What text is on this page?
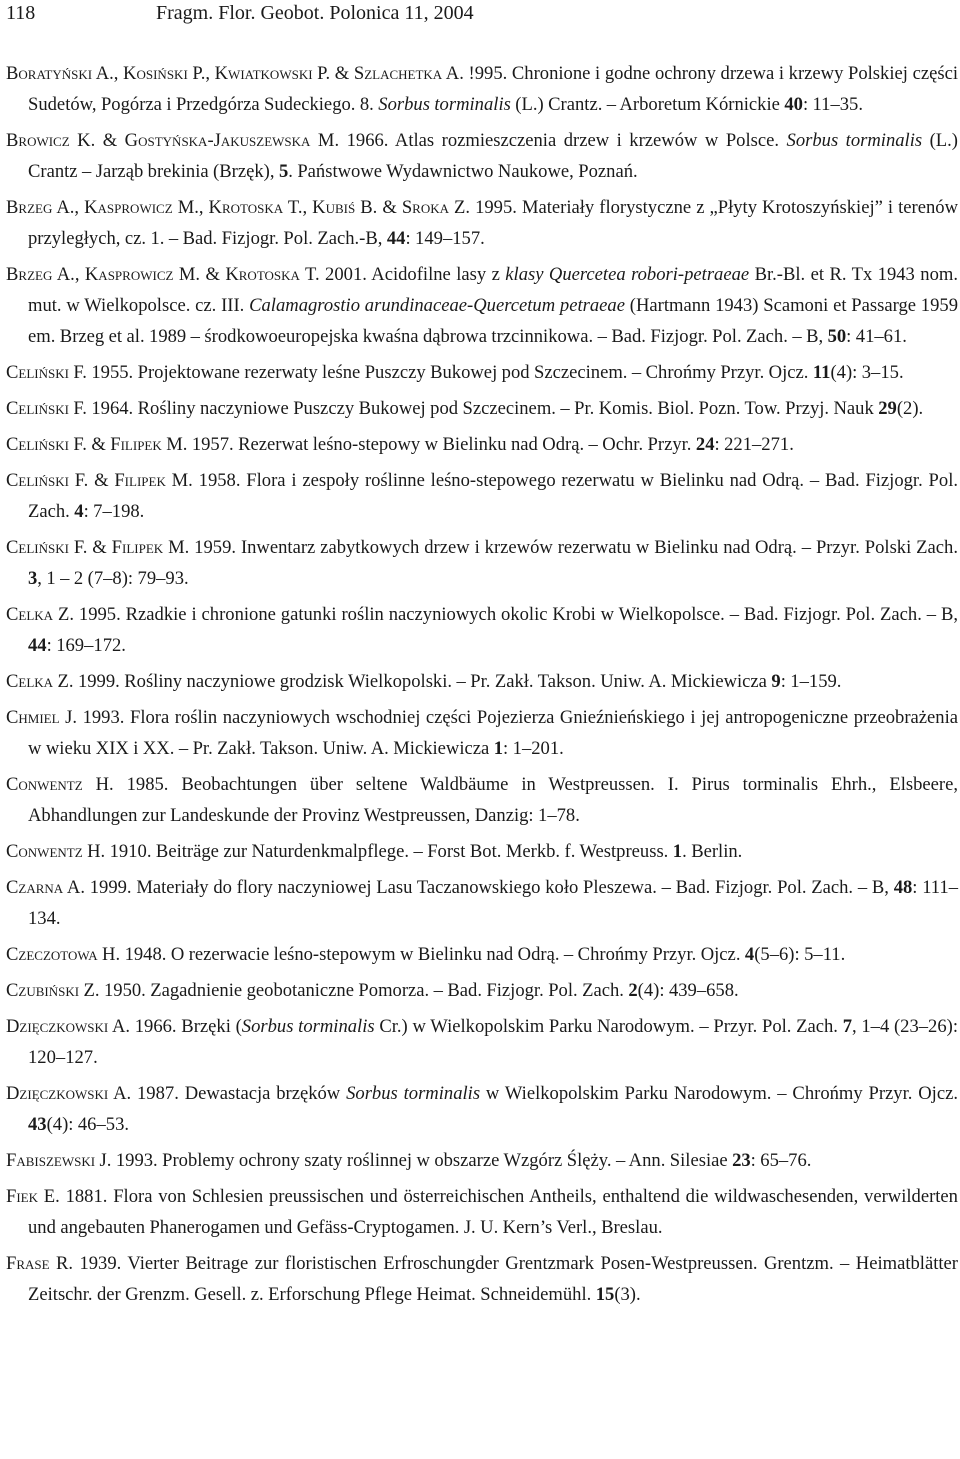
118	Fragm. Flor. Geobot. Polonica 11, 2004

Boratyński A., Kosiński P., Kwiatkowski P. & Szlachetka A. !995. Chronione i godne ochrony drzewa i krzewy Polskiej części Sudetów, Pogórza i Przedgórza Sudeckiego. 8. Sorbus torminalis (L.) Crantz. – Arboretum Kórnickie 40: 11–35.

Browicz K. & Gostyńska-Jakuszewska M. 1966. Atlas rozmieszczenia drzew i krzewów w Polsce. Sorbus torminalis (L.) Crantz – Jarząb brekinia (Brzęk), 5. Państwowe Wydawnictwo Naukowe, Poznań.

Brzeg A., Kasprowicz M., Krotoska T., Kubiś B. & Sroka Z. 1995. Materiały florystyczne z „Płyty Krotoszyńskiej” i terenów przyległych, cz. 1. – Bad. Fizjogr. Pol. Zach.-B, 44: 149–157.

Brzeg A., Kasprowicz M. & Krotoska T. 2001. Acidofilne lasy z klasy Quercetea robori-petraeae Br.-Bl. et R. Tx 1943 nom. mut. w Wielkopolsce. cz. III. Calamagrostio arundinaceae-Quercetum petraeae (Hartmann 1943) Scamoni et Passarge 1959 em. Brzeg et al. 1989 – środkowoeuropejska kwaśna dąbrowa trzcinnikowa. – Bad. Fizjogr. Pol. Zach. – B, 50: 41–61.

Celiński F. 1955. Projektowane rezerwaty leśne Puszczy Bukowej pod Szczecinem. – Chrońmy Przyr. Ojcz. 11(4): 3–15.

Celiński F. 1964. Rośliny naczyniowe Puszczy Bukowej pod Szczecinem. – Pr. Komis. Biol. Pozn. Tow. Przyj. Nauk 29(2).

Celiński F. & Filipek M. 1957. Rezerwat leśno-stepowy w Bielinku nad Odrą. – Ochr. Przyr. 24: 221–271.

Celiński F. & Filipek M. 1958. Flora i zespoły roślinne leśno-stepowego rezerwatu w Bielinku nad Odrą. – Bad. Fizjogr. Pol. Zach. 4: 7–198.

Celiński F. & Filipek M. 1959. Inwentarz zabytkowych drzew i krzewów rezerwatu w Bielinku nad Odrą. – Przyr. Polski Zach. 3, 1 – 2 (7–8): 79–93.

Celka Z. 1995. Rzadkie i chronione gatunki roślin naczyniowych okolic Krobi w Wielkopolsce. – Bad. Fizjogr. Pol. Zach. – B, 44: 169–172.

Celka Z. 1999. Rośliny naczyniowe grodzisk Wielkopolski. – Pr. Zakł. Takson. Uniw. A. Mickiewicza 9: 1–159.

Chmiel J. 1993. Flora roślin naczyniowych wschodniej części Pojezierza Gnieźnieńskiego i jej antropogeniczne przeobrażenia w wieku XIX i XX. – Pr. Zakł. Takson. Uniw. A. Mickiewicza 1: 1–201.

Conwentz H. 1985. Beobachtungen über seltene Waldbäume in Westpreussen. I. Pirus torminalis Ehrh., Elsbeere, Abhandlungen zur Landeskunde der Provinz Westpreussen, Danzig: 1–78.

Conwentz H. 1910. Beiträge zur Naturdenkmalpflege. – Forst Bot. Merkb. f. Westpreuss. 1. Berlin.

Czarna A. 1999. Materiały do flory naczyniowej Lasu Taczanowskiego koło Pleszewa. – Bad. Fizjogr. Pol. Zach. – B, 48: 111–134.

Czeczotowa H. 1948. O rezerwacie leśno-stepowym w Bielinku nad Odrą. – Chrońmy Przyr. Ojcz. 4(5–6): 5–11.

Czubiński Z. 1950. Zagadnienie geobotaniczne Pomorza. – Bad. Fizjogr. Pol. Zach. 2(4): 439–658.

Dzięczkowski A. 1966. Brzęki (Sorbus torminalis Cr.) w Wielkopolskim Parku Narodowym. – Przyr. Pol. Zach. 7, 1–4 (23–26): 120–127.

Dzięczkowski A. 1987. Dewastacja brzęków Sorbus torminalis w Wielkopolskim Parku Narodowym. – Chrońmy Przyr. Ojcz. 43(4): 46–53.

Fabiszewski J. 1993. Problemy ochrony szaty roślinnej w obszarze Wzgórz Ślęży. – Ann. Silesiae 23: 65–76.

Fiek E. 1881. Flora von Schlesien preussischen und österreichischen Antheils, enthaltend die wildwaschesenden, verwilderten und angebauten Phanerogamen und Gefäss-Cryptogamen. J. U. Kern’s Verl., Breslau.

Frase R. 1939. Vierter Beitrage zur floristischen Erfroschungder Grentzmark Posen-Westpreussen. Grentzm. – Heimatblätter Zeitschr. der Grenzm. Gesell. z. Erforschung Pflege Heimat. Schneidemühl. 15(3).
